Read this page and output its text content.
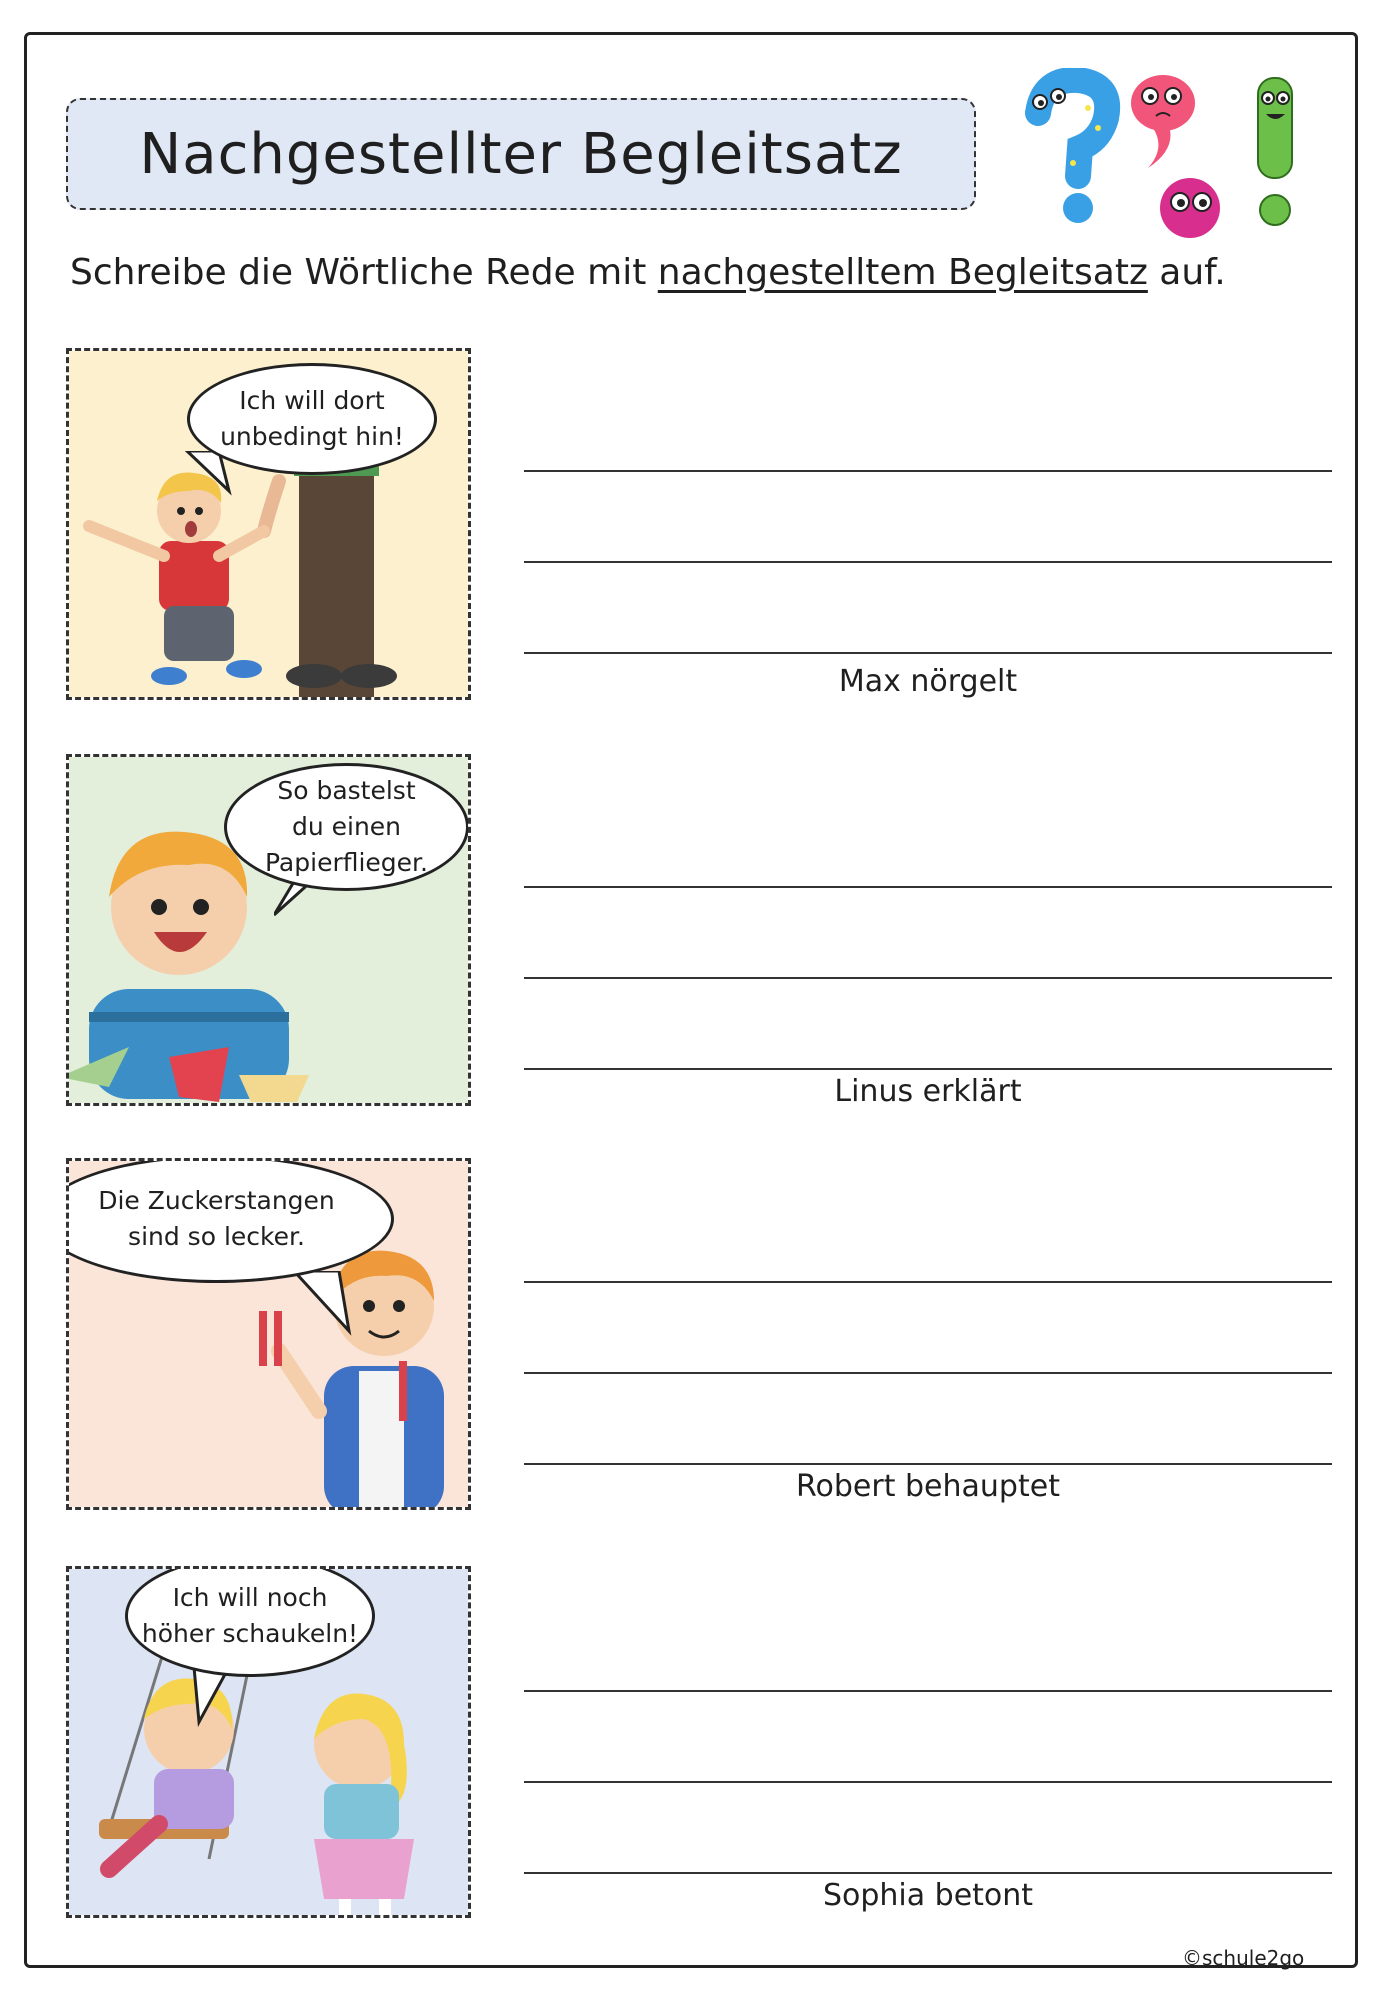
Nachgestellter Begleitsatz
Schreibe die Wörtliche Rede mit nachgestelltem Begleitsatz auf.
Ich will dort
unbedingt hin!
Max nörgelt
So bastelst
du einen
Papierflieger.
Linus erklärt
Die Zuckerstangen
sind so lecker.
Robert behauptet
Ich will noch
höher schaukeln!
Sophia betont
©schule2go
